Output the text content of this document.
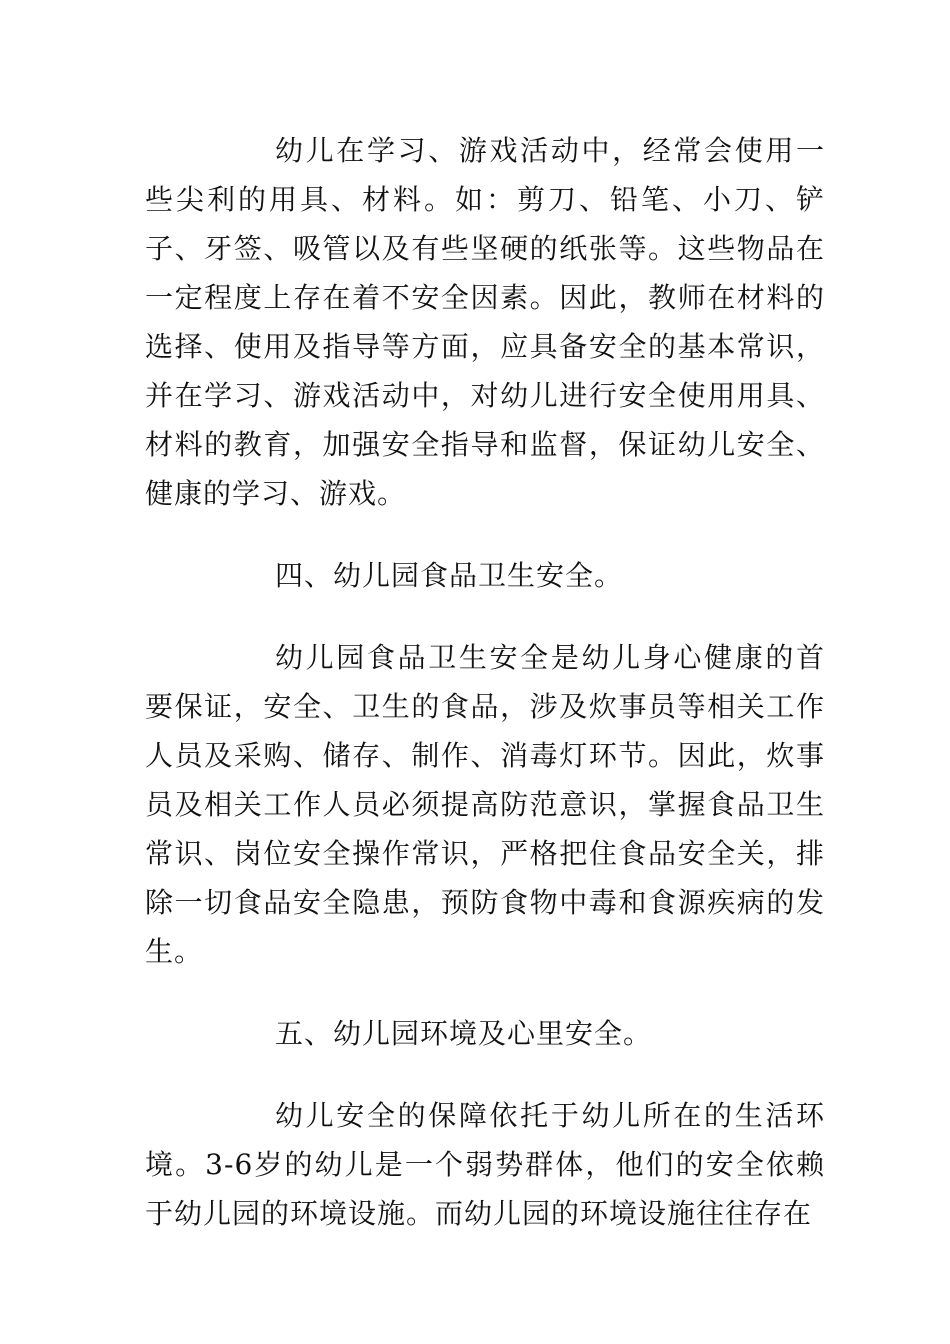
幼儿在学习、游戏活动中，经常会使用一些尖利的用具、材料。如：剪刀、铅笔、小刀、铲子、牙签、吸管以及有些坚硬的纸张等。这些物品在一定程度上存在着不安全因素。因此，教师在材料的选择、使用及指导等方面，应具备安全的基本常识，并在学习、游戏活动中，对幼儿进行安全使用用具、材料的教育，加强安全指导和监督，保证幼儿安全、健康的学习、游戏。

四、幼儿园食品卫生安全。

幼儿园食品卫生安全是幼儿身心健康的首要保证，安全、卫生的食品，涉及炊事员等相关工作人员及采购、储存、制作、消毒灯环节。因此，炊事员及相关工作人员必须提高防范意识，掌握食品卫生常识、岗位安全操作常识，严格把住食品安全关，排除一切食品安全隐患，预防食物中毒和食源疾病的发生。

五、幼儿园环境及心里安全。

幼儿安全的保障依托于幼儿所在的生活环境。3-6岁的幼儿是一个弱势群体，他们的安全依赖于幼儿园的环境设施。而幼儿园的环境设施往往存在
